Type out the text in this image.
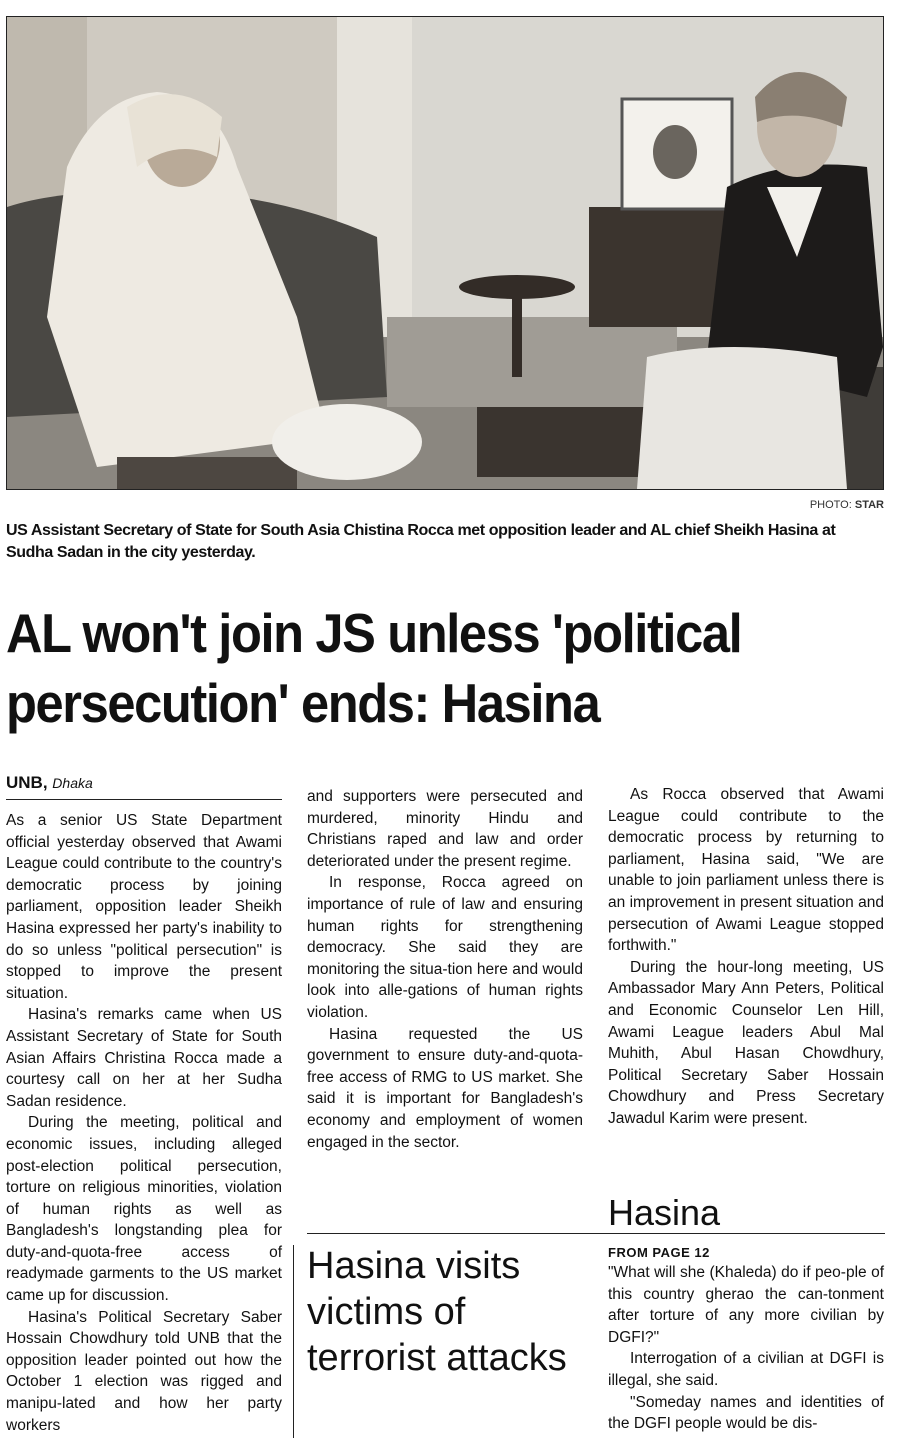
PHOTO: STAR
US Assistant Secretary of State for South Asia Chistina Rocca met opposition leader and AL chief Sheikh Hasina at Sudha Sadan in the city yesterday.
AL won't join JS unless 'political persecution' ends: Hasina
UNB, Dhaka

As a senior US State Department official yesterday observed that Awami League could contribute to the country's democratic process by joining parliament, opposition leader Sheikh Hasina expressed her party's inability to do so unless "political persecution" is stopped to improve the present situation.

Hasina's remarks came when US Assistant Secretary of State for South Asian Affairs Christina Rocca made a courtesy call on her at her Sudha Sadan residence.

During the meeting, political and economic issues, including alleged post-election political persecution, torture on religious minorities, violation of human rights as well as Bangladesh's longstanding plea for duty-and-quota-free access of readymade garments to the US market came up for discussion.

Hasina's Political Secretary Saber Hossain Chowdhury told UNB that the opposition leader pointed out how the October 1 election was rigged and manipu-lated and how her party workers

and supporters were persecuted and murdered, minority Hindu and Christians raped and law and order deteriorated under the present regime.

In response, Rocca agreed on importance of rule of law and ensuring human rights for strengthening democracy. She said they are monitoring the situa-tion here and would look into alle-gations of human rights violation.

Hasina requested the US government to ensure duty-and-quota-free access of RMG to US market. She said it is important for Bangladesh's economy and employment of women engaged in the sector.

As Rocca observed that Awami League could contribute to the democratic process by returning to parliament, Hasina said, "We are unable to join parliament unless there is an improvement in present situation and persecution of Awami League stopped forthwith."

During the hour-long meeting, US Ambassador Mary Ann Peters, Political and Economic Counselor Len Hill, Awami League leaders Abul Mal Muhith, Abul Hasan Chowdhury, Political Secretary Saber Hossain Chowdhury and Press Secretary Jawadul Karim were present.

Hasina visits victims of terrorist attacks
Hasina
FROM PAGE 12

"What will she (Khaleda) do if peo-ple of this country gherao the can-tonment after torture of any more civilian by DGFI?"

Interrogation of a civilian at DGFI is illegal, she said.

"Someday names and identities of the DGFI people would be dis-
